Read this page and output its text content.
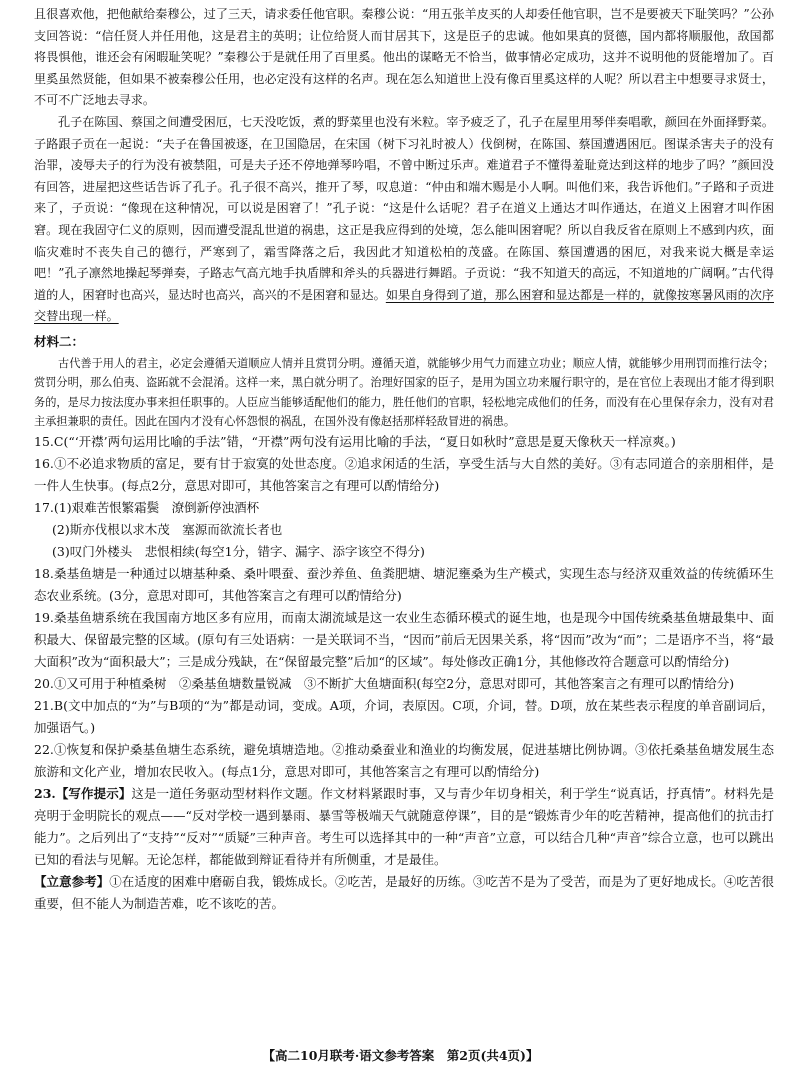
且很喜欢他，把他献给秦穆公，过了三天，请求委任他官职。秦穆公说：“用五张羊皮买的人却委任他官职，岂不是要被天下耻笑吗？”公孙支回答说：“信任贤人并任用他，这是君主的英明；让位给贤人而甘居其下，这是臣子的忠诚。他如果真的贤德，国内都将顺服他，敌国都将畏惧他，谁还会有闲暇耻笑呢？”秦穆公于是就任用了百里奚。他出的谋略无不恰当，做事情必定成功，这并不说明他的贤能增加了。百里奚虽然贤能，但如果不被秦穆公任用，也必定没有这样的名声。现在怎么知道世上没有像百里奚这样的人呢？所以君主中想要寻求贤士，不可不广泛地去寻求。

孔子在陈国、蔡国之间遭受困厄，七天没吃饭，煮的野菜里也没有米粒。宰予疲乏了，孔子在屋里用琴伴奏唱歌，颜回在外面择野菜。子路跟子贡在一起说：“夫子在鲁国被逐，在卫国隐居，在宋国（树下习礼时被人）伐倒树，在陈国、蔡国遭遇困厄。图谋杀害夫子的没有治罪，凌辱夫子的行为没有被禁阻，可是夫子还不停地弹琴吟唱，不曾中断过乐声。难道君子不懂得羞耻竟达到这样的地步了吗？”颜回没有回答，进屋把这些话告诉了孔子。孔子很不高兴，推开了琴，叹息道：“仲由和端木赐是小人啊。叫他们来，我告诉他们。”子路和子贡进来了，子贡说：“像现在这种情况，可以说是困窘了！”孔子说：“这是什么话呢？君子在道义上通达才叫作通达，在道义上困窘才叫作困窘。现在我固守仁义的原则，因而遭受混乱世道的祸患，这正是我应得到的处境，怎么能叫困窘呢？所以自我反省在原则上不感到内疚，面临灾难时不丧失自己的德行，严寒到了，霜雪降落之后，我因此才知道松柏的茂盛。在陈国、蔡国遭遇的困厄，对我来说大概是幸运吧！”孔子凛然地操起琴弹奏，子路志气高亢地手执盾牌和斧头的兵器进行舞蹈。子贡说：“我不知道天的高远，不知道地的广阔啊。”古代得道的人，困窘时也高兴，显达时也高兴，高兴的不是困窘和显达。如果自身得到了道，那么困窘和显达都是一样的，就像按寒暑风雨的次序交替出现一样。

材料二：

古代善于用人的君主，必定会遵循天道顺应人情并且赏罚分明。遵循天道，就能够少用气力而建立功业；顺应人情，就能够少用刑罚而推行法令；赏罚分明，那么伯夷、盗跖就不会混淆。这样一来，黑白就分明了。治理好国家的臣子，是用为国立功来履行职守的，是在官位上表现出才能才得到职务的，是尽力按法度办事来担任职事的。人臣应当能够适配他们的能力，胜任他们的官职，轻松地完成他们的任务，而没有在心里保存余力，没有对君主承担兼职的责任。因此在国内才没有心怀怨恨的祸乱，在国外没有像赵括那样轻敌冒进的祸患。

15.C(“‘开襟’两句运用比喻的手法”错，“开襟”两句没有运用比喻的手法，“夏日如秋时”意思是夏天像秋天一样凉爽。)

16.①不必追求物质的富足，要有甘于寂寞的处世态度。②追求闲适的生活，享受生活与大自然的美好。③有志同道合的亲朋相伴，是一件人生快事。(每点2分，意思对即可，其他答案言之有理可以酌情给分)

17.(1)艰难苦恨繁霜鬓　潦倒新停浊酒杯

(2)斯亦伐根以求木茂　塞源而欲流长者也

(3)叹门外楼头　悲恨相续(每空1分，错字、漏字、添字该空不得分)

18.桑基鱼塘是一种通过以塘基种桑、桑叶喂蚕、蚕沙养鱼、鱼粪肥塘、塘泥壅桑为生产模式，实现生态与经济双重效益的传统循环生态农业系统。(3分，意思对即可，其他答案言之有理可以酌情给分)

19.桑基鱼塘系统在我国南方地区多有应用，而南太湖流域是这一农业生态循环模式的诞生地，也是现今中国传统桑基鱼塘最集中、面积最大、保留最完整的区域。(原句有三处语病：一是关联词不当，“因而”前后无因果关系，将“因而”改为“而”；二是语序不当，将“最大面积”改为“面积最大”；三是成分残缺，在“保留最完整”后加“的区域”。每处修改正确1分，其他修改符合题意可以酌情给分)

20.①又可用于种植桑树　②桑基鱼塘数量锐减　③不断扩大鱼塘面积(每空2分，意思对即可，其他答案言之有理可以酌情给分)

21.B(文中加点的“为”与B项的“为”都是动词，变成。A项，介词，表原因。C项，介词，替。D项，放在某些表示程度的单音副词后，加强语气。)

22.①恢复和保护桑基鱼塘生态系统，避免填塘造地。②推动桑蚕业和渔业的均衡发展，促进基塘比例协调。③依托桑基鱼塘发展生态旅游和文化产业，增加农民收入。(每点1分，意思对即可，其他答案言之有理可以酌情给分)

23.【写作提示】这是一道任务驱动型材料作文题。作文材料紧跟时事，又与青少年切身相关，利于学生“说真话，抒真情”。材料先是亮明于金明院长的观点——“反对学校一遇到暴雨、暴雪等极端天气就随意停课”，目的是“锻炼青少年的吃苦精神，提高他们的抗击打能力”。之后列出了“支持”“反对”“质疑”三种声音。考生可以选择其中的一种“声音”立意，可以结合几种“声音”综合立意，也可以跳出已知的看法与见解。无论怎样，都能做到辩证看待并有所侧重，才是最佳。

【立意参考】①在适度的困难中磨砺自我，锻炼成长。②吃苦，是最好的历练。③吃苦不是为了受苦，而是为了更好地成长。④吃苦很重要，但不能人为制造苦难，吃不该吃的苦。

【高二10月联考·语文参考答案　第2页(共4页)】
